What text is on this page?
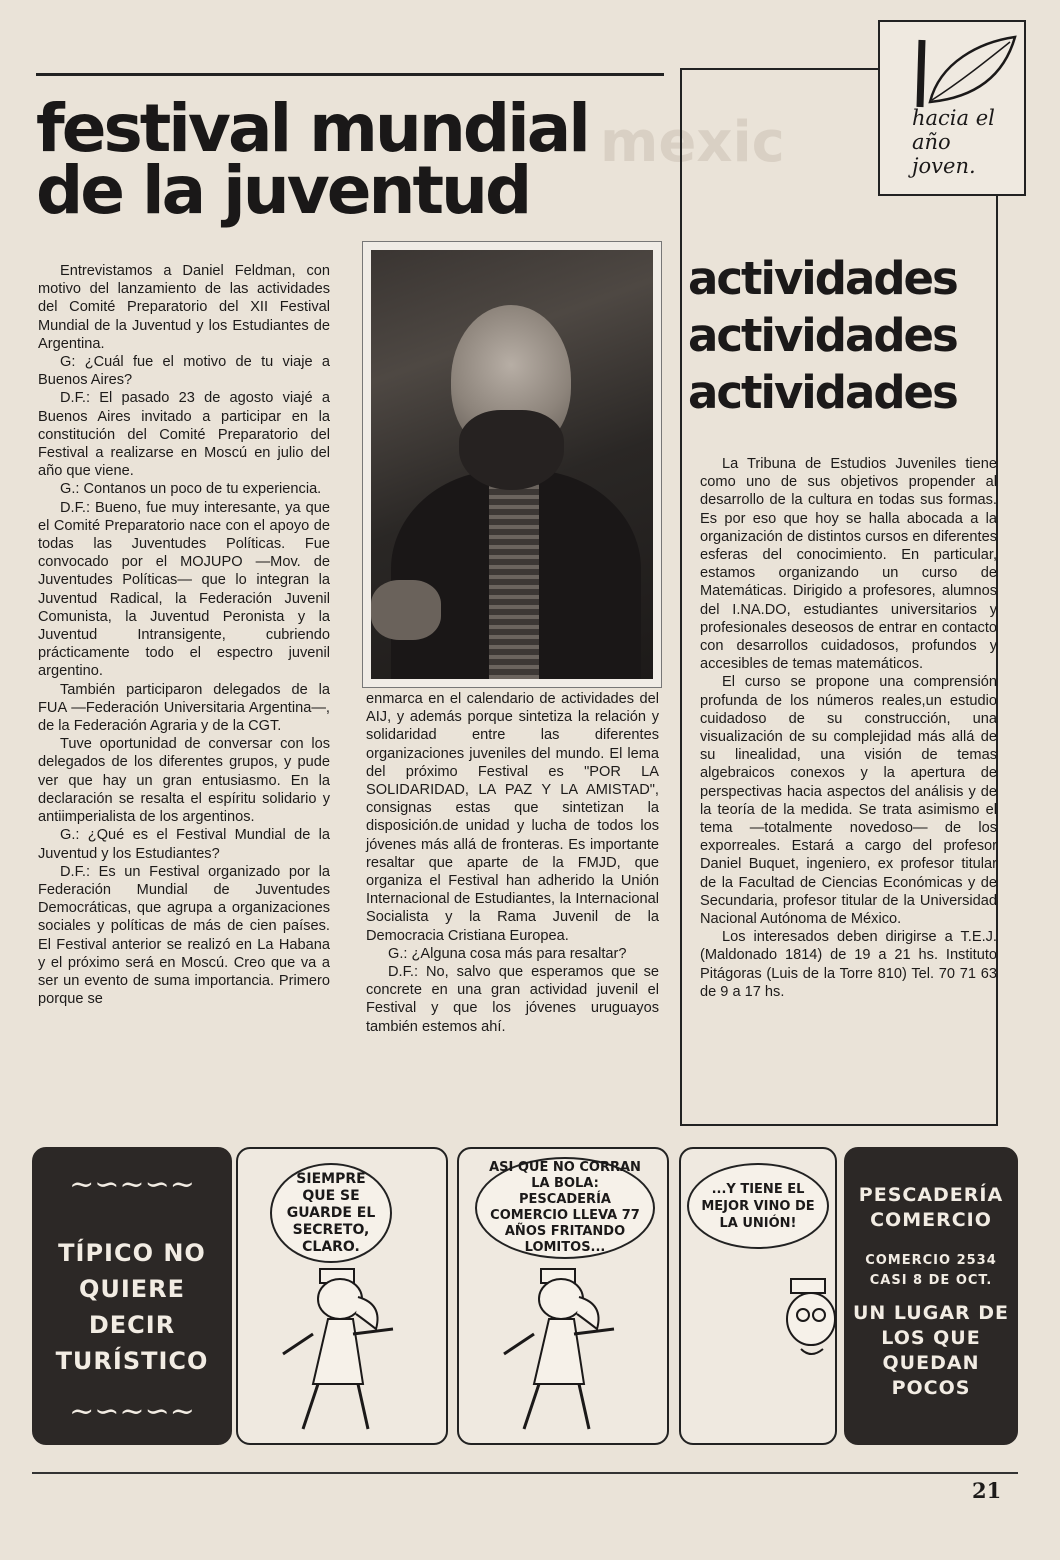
mexic
festival mundial
de la juventud

Entrevistamos a Daniel Feldman, con motivo del lanzamiento de las actividades del Comité Preparatorio del XII Festival Mundial de la Juventud y los Estudiantes de Argentina.

G: ¿Cuál fue el motivo de tu viaje a Buenos Aires?

D.F.: El pasado 23 de agosto viajé a Buenos Aires invitado a participar en la constitución del Comité Preparatorio del Festival a realizarse en Moscú en julio del año que viene.

G.: Contanos un poco de tu experiencia.

D.F.: Bueno, fue muy interesante, ya que el Comité Preparatorio nace con el apoyo de todas las Juventudes Políticas. Fue convocado por el MOJUPO —Mov. de Juventudes Políticas— que lo integran la Juventud Radical, la Federación Juvenil Comunista, la Juventud Peronista y la Juventud Intransigente, cubriendo prácticamente todo el espectro juvenil argentino.

También participaron delegados de la FUA —Federación Universitaria Argentina—, de la Federación Agraria y de la CGT.

Tuve oportunidad de conversar con los delegados de los diferentes grupos, y pude ver que hay un gran entusiasmo. En la declaración se resalta el espíritu solidario y antiimperialista de los argentinos.

G.: ¿Qué es el Festival Mundial de la Juventud y los Estudiantes?

D.F.: Es un Festival organizado por la Federación Mundial de Juventudes Democráticas, que agrupa a organizaciones sociales y políticas de más de cien países. El Festival anterior se realizó en La Habana y el próximo será en Moscú. Creo que va a ser un evento de suma importancia. Primero porque se

enmarca en el calendario de actividades del AIJ, y además porque sintetiza la relación y solidaridad entre las diferentes organizaciones juveniles del mundo. El lema del próximo Festival es "POR LA SOLIDARIDAD, LA PAZ Y LA AMISTAD", consignas estas que sintetizan la disposición.de unidad y lucha de todos los jóvenes más allá de fronteras. Es importante resaltar que aparte de la FMJD, que organiza el Festival han adherido la Unión Internacional de Estudiantes, la Internacional Socialista y la Rama Juvenil de la Democracia Cristiana Europea.

G.: ¿Alguna cosa más para resaltar?

D.F.: No, salvo que esperamos que se concrete en una gran actividad juvenil el Festival y que los jóvenes uruguayos también estemos ahí.

hacia el
año
joven.
actividades
actividades
actividades

La Tribuna de Estudios Juveniles tiene como uno de sus objetivos propender al desarrollo de la cultura en todas sus formas. Es por eso que hoy se halla abocada a la organización de distintos cursos en diferentes esferas del conocimiento. En particular, estamos organizando un curso de Matemáticas. Dirigido a profesores, alumnos del I.NA.DO, estudiantes universitarios y profesionales deseosos de entrar en contacto con desarrollos cuidadosos, profundos y accesibles de temas matemáticos.

El curso se propone una comprensión profunda de los números reales,un estudio cuidadoso de su construcción, una visualización de su complejidad más allá de su linealidad, una visión de temas algebraicos conexos y la apertura de perspectivas hacia aspectos del análisis y de la teoría de la medida. Se trata asimismo el tema —totalmente novedoso— de los exporreales. Estará a cargo del profesor Daniel Buquet, ingeniero, ex profesor titular de la Facultad de Ciencias Económicas y de Secundaria, profesor titular de la Universidad Nacional Autónoma de México.

Los interesados deben dirigirse a T.E.J. (Maldonado 1814) de 19 a 21 hs. Instituto Pitágoras (Luis de la Torre 810) Tel. 70 71 63 de 9 a 17 hs.

~∽~∽~
TÍPICO NO QUIERE DECIR TURÍSTICO
~∽~∽~
SIEMPRE QUE SE GUARDE EL SECRETO, CLARO.
ASI QUE NO CORRAN LA BOLA: PESCADERÍA COMERCIO LLEVA 77 AÑOS FRITANDO LOMITOS...
...Y TIENE EL MEJOR VINO DE LA UNIÓN!
PESCADERÍA COMERCIO
COMERCIO 2534 CASI 8 DE OCT.
UN LUGAR DE LOS QUE QUEDAN POCOS
21
